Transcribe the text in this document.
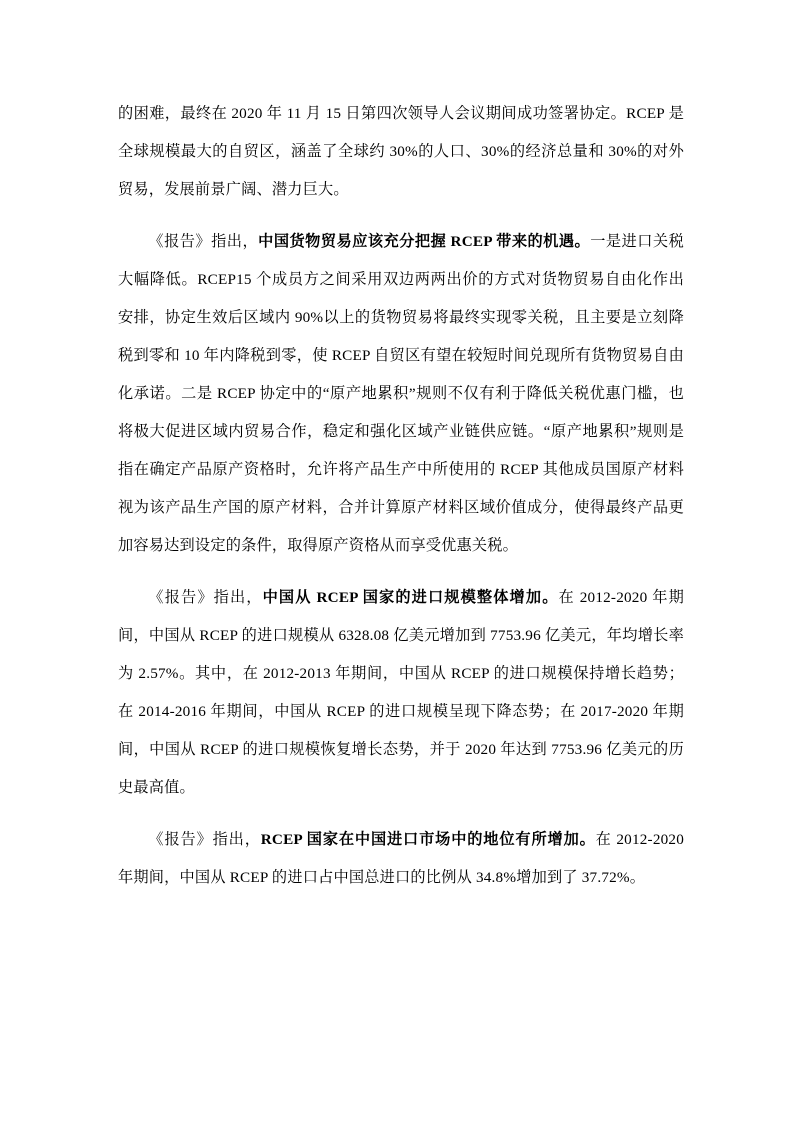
的困难，最终在 2020 年 11 月 15 日第四次领导人会议期间成功签署协定。RCEP 是全球规模最大的自贸区，涵盖了全球约 30%的人口、30%的经济总量和 30%的对外贸易，发展前景广阔、潜力巨大。

《报告》指出，中国货物贸易应该充分把握 RCEP 带来的机遇。一是进口关税大幅降低。RCEP15 个成员方之间采用双边两两出价的方式对货物贸易自由化作出安排，协定生效后区域内 90%以上的货物贸易将最终实现零关税，且主要是立刻降税到零和 10 年内降税到零，使 RCEP 自贸区有望在较短时间兑现所有货物贸易自由化承诺。二是 RCEP 协定中的“原产地累积”规则不仅有利于降低关税优惠门槛，也将极大促进区域内贸易合作，稳定和强化区域产业链供应链。“原产地累积”规则是指在确定产品原产资格时，允许将产品生产中所使用的 RCEP 其他成员国原产材料视为该产品生产国的原产材料，合并计算原产材料区域价值成分，使得最终产品更加容易达到设定的条件，取得原产资格从而享受优惠关税。

《报告》指出，中国从 RCEP 国家的进口规模整体增加。在 2012-2020 年期间，中国从 RCEP 的进口规模从 6328.08 亿美元增加到 7753.96 亿美元，年均增长率为 2.57%。其中，在 2012-2013 年期间，中国从 RCEP 的进口规模保持增长趋势；在 2014-2016 年期间，中国从 RCEP 的进口规模呈现下降态势；在 2017-2020 年期间，中国从 RCEP 的进口规模恢复增长态势，并于 2020 年达到 7753.96 亿美元的历史最高值。

《报告》指出，RCEP 国家在中国进口市场中的地位有所增加。在 2012-2020 年期间，中国从 RCEP 的进口占中国总进口的比例从 34.8%增加到了 37.72%。
